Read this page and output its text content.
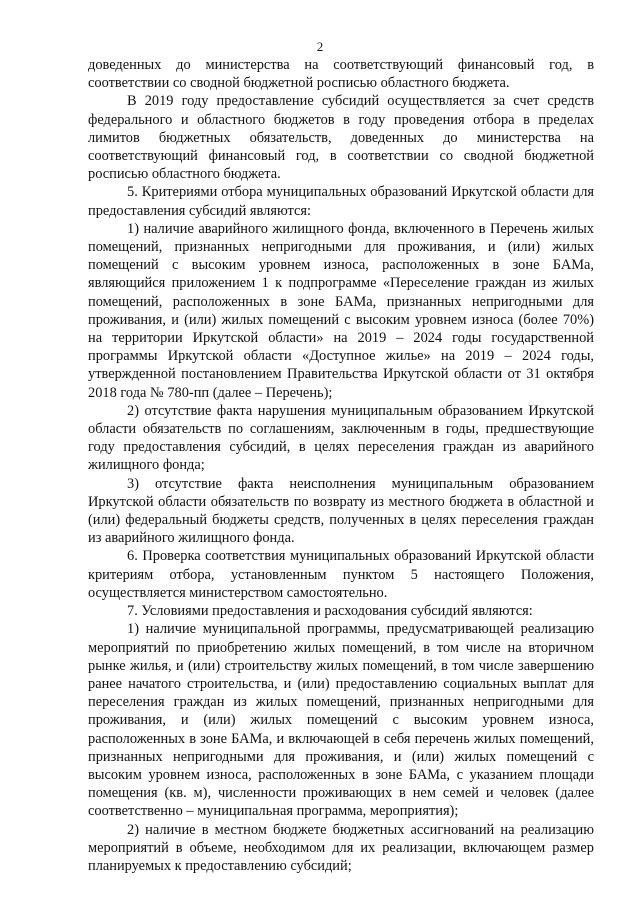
2

доведенных до министерства на соответствующий финансовый год, в соответствии со сводной бюджетной росписью областного бюджета.

В 2019 году предоставление субсидий осуществляется за счет средств федерального и областного бюджетов в году проведения отбора в пределах лимитов бюджетных обязательств, доведенных до министерства на соответствующий финансовый год, в соответствии со сводной бюджетной росписью областного бюджета.

5. Критериями отбора муниципальных образований Иркутской области для предоставления субсидий являются:

1) наличие аварийного жилищного фонда, включенного в Перечень жилых помещений, признанных непригодными для проживания, и (или) жилых помещений с высоким уровнем износа, расположенных в зоне БАМа, являющийся приложением 1 к подпрограмме «Переселение граждан из жилых помещений, расположенных в зоне БАМа, признанных непригодными для проживания, и (или) жилых помещений с высоким уровнем износа (более 70%) на территории Иркутской области» на 2019 – 2024 годы государственной программы Иркутской области «Доступное жилье» на 2019 – 2024 годы, утвержденной постановлением Правительства Иркутской области от 31 октября 2018 года № 780-пп (далее – Перечень);

2) отсутствие факта нарушения муниципальным образованием Иркутской области обязательств по соглашениям, заключенным в годы, предшествующие году предоставления субсидий, в целях переселения граждан из аварийного жилищного фонда;

3) отсутствие факта неисполнения муниципальным образованием Иркутской области обязательств по возврату из местного бюджета в областной и (или) федеральный бюджеты средств, полученных в целях переселения граждан из аварийного жилищного фонда.

6. Проверка соответствия муниципальных образований Иркутской области критериям отбора, установленным пунктом 5 настоящего Положения, осуществляется министерством самостоятельно.

7. Условиями предоставления и расходования субсидий являются:

1) наличие муниципальной программы, предусматривающей реализацию мероприятий по приобретению жилых помещений, в том числе на вторичном рынке жилья, и (или) строительству жилых помещений, в том числе завершению ранее начатого строительства, и (или) предоставлению социальных выплат для переселения граждан из жилых помещений, признанных непригодными для проживания, и (или) жилых помещений с высоким уровнем износа, расположенных в зоне БАМа, и включающей в себя перечень жилых помещений, признанных непригодными для проживания, и (или) жилых помещений с высоким уровнем износа, расположенных в зоне БАМа, с указанием площади помещения (кв. м), численности проживающих в нем семей и человек (далее соответственно – муниципальная программа, мероприятия);

2) наличие в местном бюджете бюджетных ассигнований на реализацию мероприятий в объеме, необходимом для их реализации, включающем размер планируемых к предоставлению субсидий;
